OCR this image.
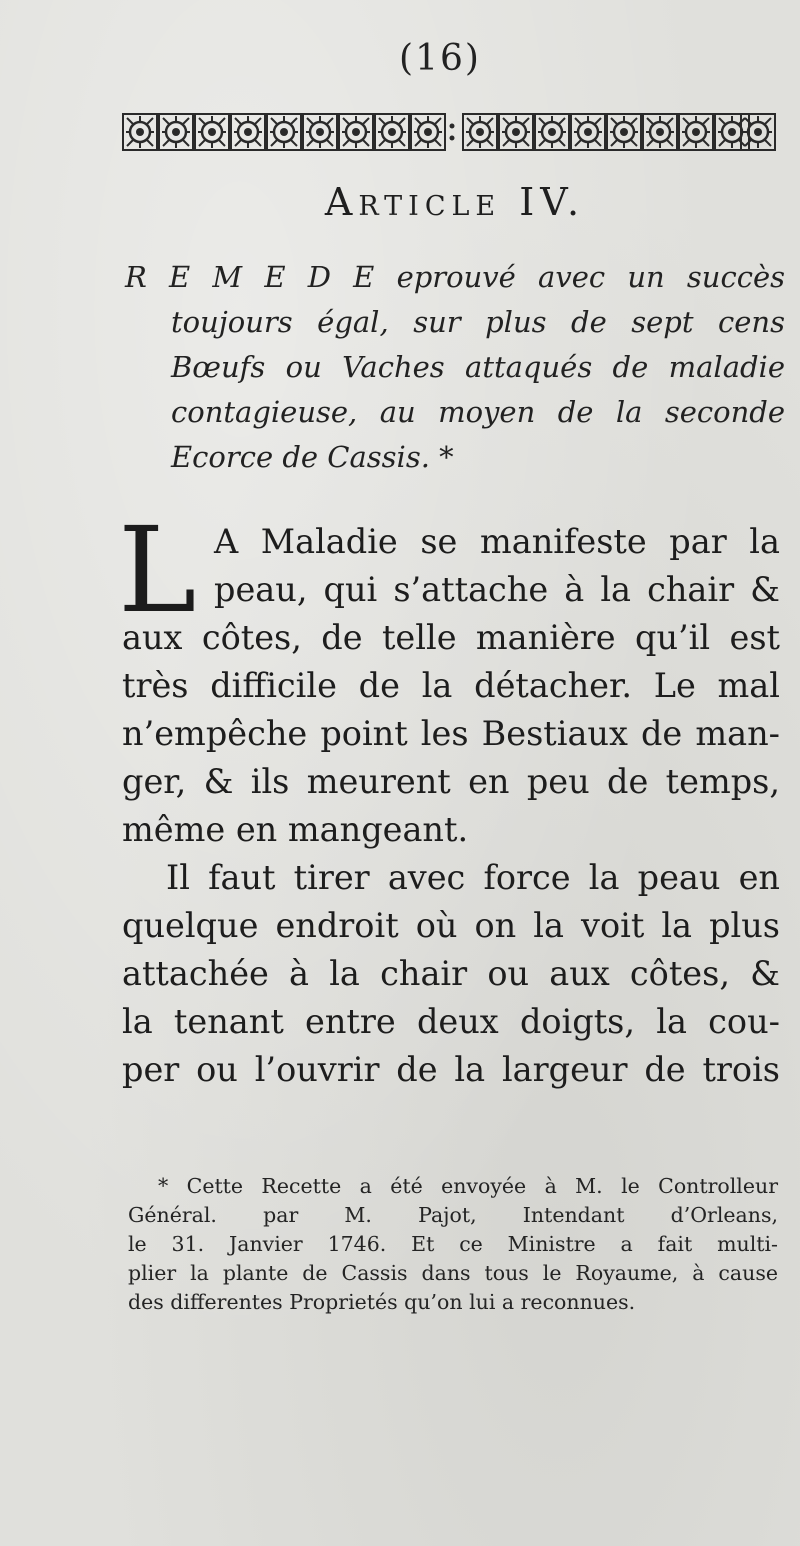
(16)
Article IV.
R E M E D E eprouvé avec un succès
toujours égal, sur plus de sept cens
Bœufs ou Vaches attaqués de maladie
contagieuse, au moyen de la seconde
Ecorce de Cassis. *
L A Maladie se manifeste par la
peau, qui s’attache à la chair &
aux côtes, de telle manière qu’il est
très difficile de la détacher. Le mal
n’empêche point les Bestiaux de man-
ger, & ils meurent en peu de temps,
même en mangeant.
Il faut tirer avec force la peau en
quelque endroit où on la voit la plus
attachée à la chair ou aux côtes, &
la tenant entre deux doigts, la cou-
per ou l’ouvrir de la largeur de trois
* Cette Recette a été envoyée à M. le Controlleur
Général. par M. Pajot, Intendant d’Orleans,
le 31. Janvier 1746. Et ce Ministre a fait multi-
plier la plante de Cassis dans tous le Royaume, à cause
des differentes Proprietés qu’on lui a reconnues.
